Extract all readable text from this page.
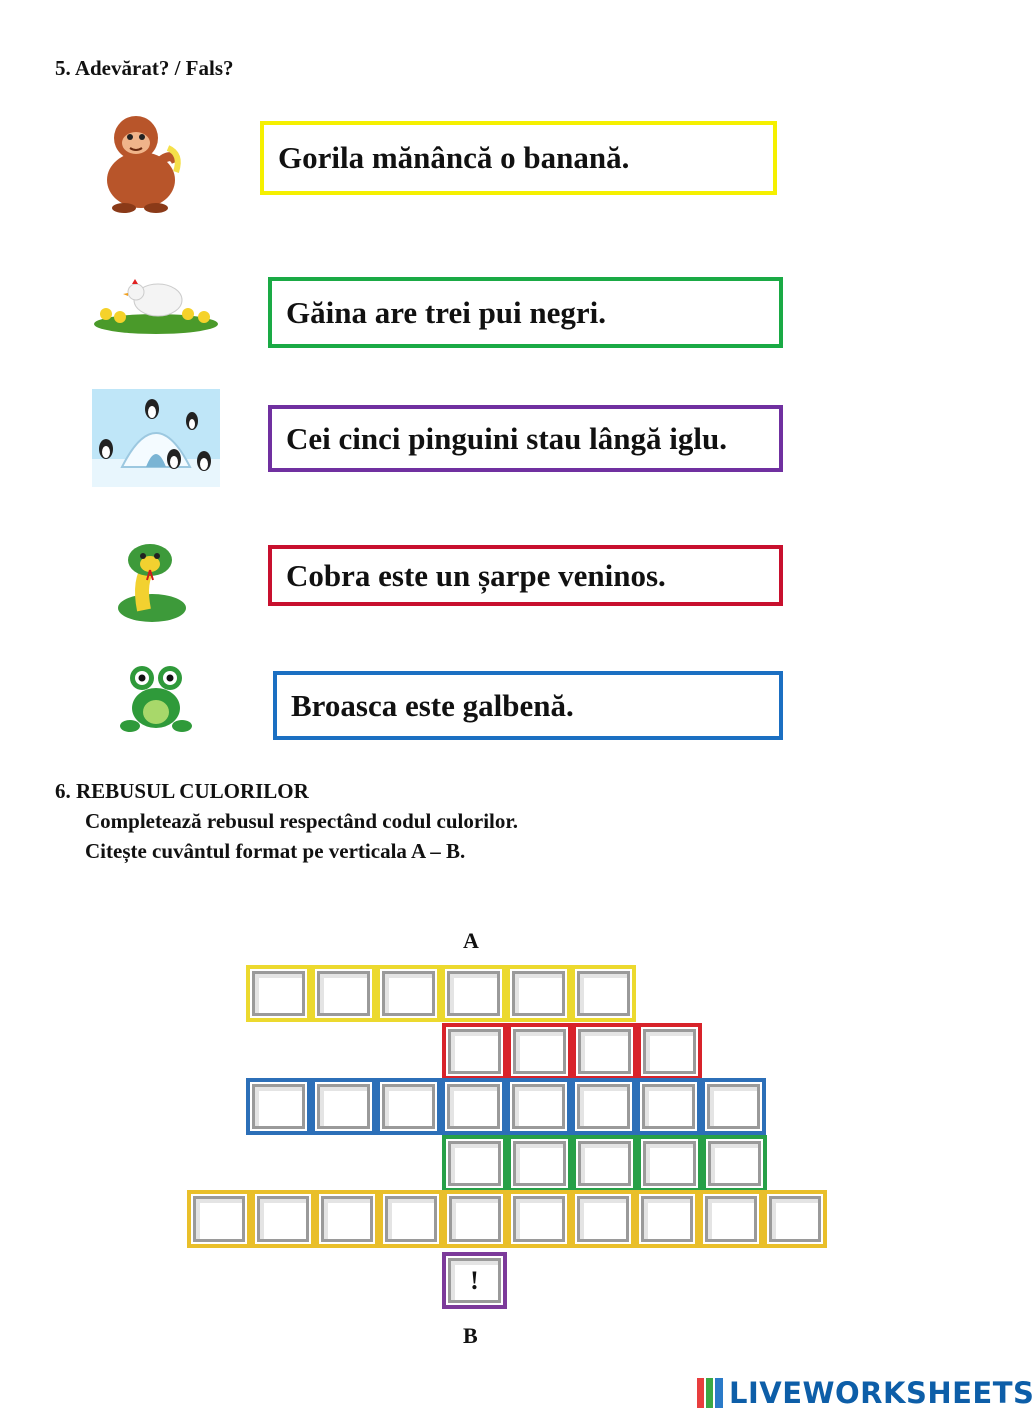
5. Adevărat? / Fals?
Gorila mănâncă o banană.
Găina are trei pui negri.
Cei cinci pinguini stau lângă iglu.
Cobra este un șarpe veninos.
Broasca este galbenă.
6. REBUSUL CULORILOR
Completează rebusul respectând codul culorilor.
Citește cuvântul format pe verticala A – B.
A
B
!
LIVEWORKSHEETS
